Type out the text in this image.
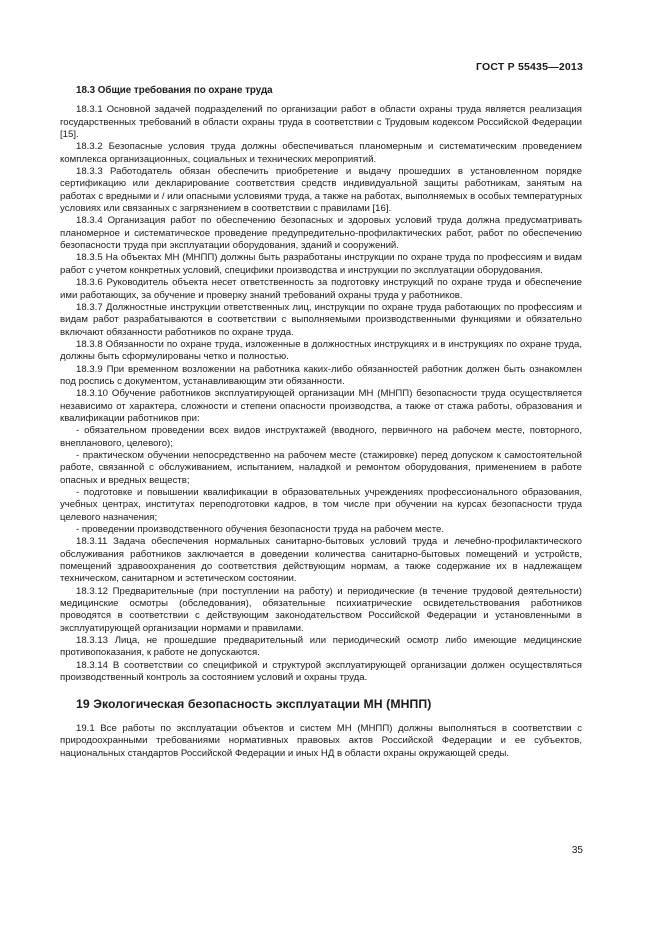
ГОСТ Р 55435—2013
18.3 Общие требования по охране труда

18.3.1 Основной задачей подразделений по организации работ в области охраны труда является реализация государственных требований в области охраны труда в соответствии с Трудовым кодексом Российской Федерации [15].

18.3.2 Безопасные условия труда должны обеспечиваться планомерным и систематическим проведением комплекса организационных, социальных и технических мероприятий.

18.3.3 Работодатель обязан обеспечить приобретение и выдачу прошедших в установленном порядке сертификацию или декларирование соответствия средств индивидуальной защиты работникам, занятым на работах с вредными и / или опасными условиями труда, а также на работах, выполняемых в особых температурных условиях или связанных с загрязнением в соответствии с правилами [16].

18.3.4 Организация работ по обеспечению безопасных и здоровых условий труда должна предусматривать планомерное и систематическое проведение предупредительно-профилактических работ, работ по обеспечению безопасности труда при эксплуатации оборудования, зданий и сооружений.

18.3.5 На объектах МН (МНПП) должны быть разработаны инструкции по охране труда по профессиям и видам работ с учетом конкретных условий, специфики производства и инструкции по эксплуатации оборудования.

18.3.6 Руководитель объекта несет ответственность за подготовку инструкций по охране труда и обеспечение ими работающих, за обучение и проверку знаний требований охраны труда у работников.

18.3.7 Должностные инструкции ответственных лиц, инструкции по охране труда работающих по профессиям и видам работ разрабатываются в соответствии с выполняемыми производственными функциями и обязательно включают обязанности работников по охране труда.

18.3.8 Обязанности по охране труда, изложенные в должностных инструкциях и в инструкциях по охране труда, должны быть сформулированы четко и полностью.

18.3.9 При временном возложении на работника каких-либо обязанностей работник должен быть ознакомлен под роспись с документом, устанавливающим эти обязанности.

18.3.10 Обучение работников эксплуатирующей организации МН (МНПП) безопасности труда осуществляется независимо от характера, сложности и степени опасности производства, а также от стажа работы, образования и квалификации работников при:

- обязательном проведении всех видов инструктажей (вводного, первичного на рабочем месте, повторного, внепланового, целевого);

- практическом обучении непосредственно на рабочем месте (стажировке) перед допуском к самостоятельной работе, связанной с обслуживанием, испытанием, наладкой и ремонтом оборудования, применением в работе опасных и вредных веществ;

- подготовке и повышении квалификации в образовательных учреждениях профессионального образования, учебных центрах, институтах переподготовки кадров, в том числе при обучении на курсах безопасности труда целевого назначения;

- проведении производственного обучения безопасности труда на рабочем месте.

18.3.11 Задача обеспечения нормальных санитарно-бытовых условий труда и лечебно-профилактического обслуживания работников заключается в доведении количества санитарно-бытовых помещений и устройств, помещений здравоохранения до соответствия действующим нормам, а также содержание их в надлежащем техническом, санитарном и эстетическом состоянии.

18.3.12 Предварительные (при поступлении на работу) и периодические (в течение трудовой деятельности) медицинские осмотры (обследования), обязательные психиатрические освидетельствования работников проводятся в соответствии с действующим законодательством Российской Федерации и установленными в эксплуатирующей организации нормами и правилами.

18.3.13 Лица, не прошедшие предварительный или периодический осмотр либо имеющие медицинские противопоказания, к работе не допускаются.

18.3.14 В соответствии со спецификой и структурой эксплуатирующей организации должен осуществляться производственный контроль за состоянием условий и охраны труда.

19 Экологическая безопасность эксплуатации МН (МНПП)

19.1 Все работы по эксплуатации объектов и систем МН (МНПП) должны выполняться в соответствии с природоохранными требованиями нормативных правовых актов Российской Федерации и ее субъектов, национальных стандартов Российской Федерации и иных НД в области охраны окружающей среды.

35
